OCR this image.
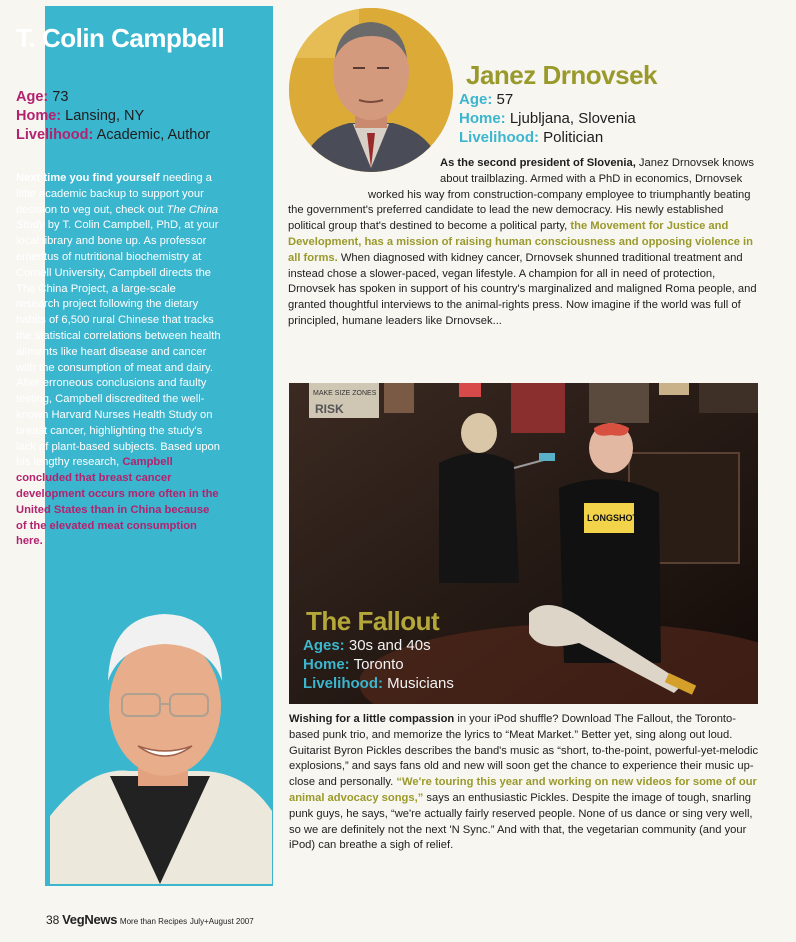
T. Colin Campbell
Age: 73
Home: Lansing, NY
Livelihood: Academic, Author
Next time you find yourself needing a little academic backup to support your decision to veg out, check out The China Study by T. Colin Campbell, PhD, at your local library and bone up. As professor emeritus of nutritional biochemistry at Cornell University, Campbell directs the The China Project, a large-scale research project following the dietary habits of 6,500 rural Chinese that tracks the statistical correlations between health ailments like heart disease and cancer with the consumption of meat and dairy. After erroneous conclusions and faulty testing, Campbell discredited the well-known Harvard Nurses Health Study on breast cancer, highlighting the study's lack of plant-based subjects. Based upon his lengthy research, Campbell concluded that breast cancer development occurs more often in the United States than in China because of the elevated meat consumption here.
Janez Drnovsek
Age: 57
Home: Ljubljana, Slovenia
Livelihood: Politician
As the second president of Slovenia, Janez Drnovsek knows about trailblazing. Armed with a PhD in economics, Drnovsek worked his way from construction-company employee to triumphantly beating the government's preferred candidate to lead the new democracy. His newly established political group that's destined to become a political party, the Movement for Justice and Development, has a mission of raising human consciousness and opposing violence in all forms. When diagnosed with kidney cancer, Drnovsek shunned traditional treatment and instead chose a slower-paced, vegan lifestyle. A champion for all in need of protection, Drnovsek has spoken in support of his country's marginalized and maligned Roma people, and granted thoughtful interviews to the animal-rights press. Now imagine if the world was full of principled, humane leaders like Drnovsek...
MAKE SIZE ZONES
RISK
LONGSHOT
The Fallout
Ages: 30s and 40s
Home: Toronto
Livelihood: Musicians
Wishing for a little compassion in your iPod shuffle? Download The Fallout, the Toronto-based punk trio, and memorize the lyrics to “Meat Market.” Better yet, sing along out loud. Guitarist Byron Pickles describes the band's music as “short, to-the-point, powerful-yet-melodic explosions,” and says fans old and new will soon get the chance to experience their music up-close and personally. “We're touring this year and working on new videos for some of our animal advocacy songs,” says an enthusiastic Pickles. Despite the image of tough, snarling punk guys, he says, “we're actually fairly reserved people. None of us dance or sing very well, so we are definitely not the next 'N Sync.” And with that, the vegetarian community (and your iPod) can breathe a sigh of relief.
38 VegNews More than Recipes July+August 2007
